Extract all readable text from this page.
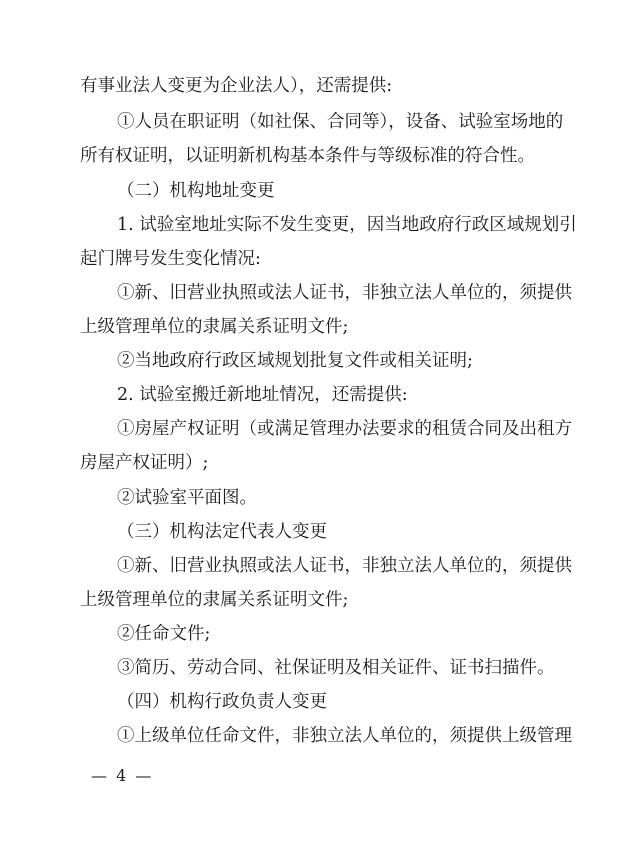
有事业法人变更为企业法人），还需提供:
①人员在职证明（如社保、合同等），设备、试验室场地的
所有权证明，以证明新机构基本条件与等级标准的符合性。
（二）机构地址变更
1. 试验室地址实际不发生变更，因当地政府行政区域规划引
起门牌号发生变化情况:
①新、旧营业执照或法人证书，非独立法人单位的，须提供
上级管理单位的隶属关系证明文件;
②当地政府行政区域规划批复文件或相关证明;
2. 试验室搬迁新地址情况，还需提供:
①房屋产权证明（或满足管理办法要求的租赁合同及出租方
房屋产权证明）;
②试验室平面图。
（三）机构法定代表人变更
①新、旧营业执照或法人证书，非独立法人单位的，须提供
上级管理单位的隶属关系证明文件;
②任命文件;
③简历、劳动合同、社保证明及相关证件、证书扫描件。
（四）机构行政负责人变更
①上级单位任命文件，非独立法人单位的，须提供上级管理
— 4 —
